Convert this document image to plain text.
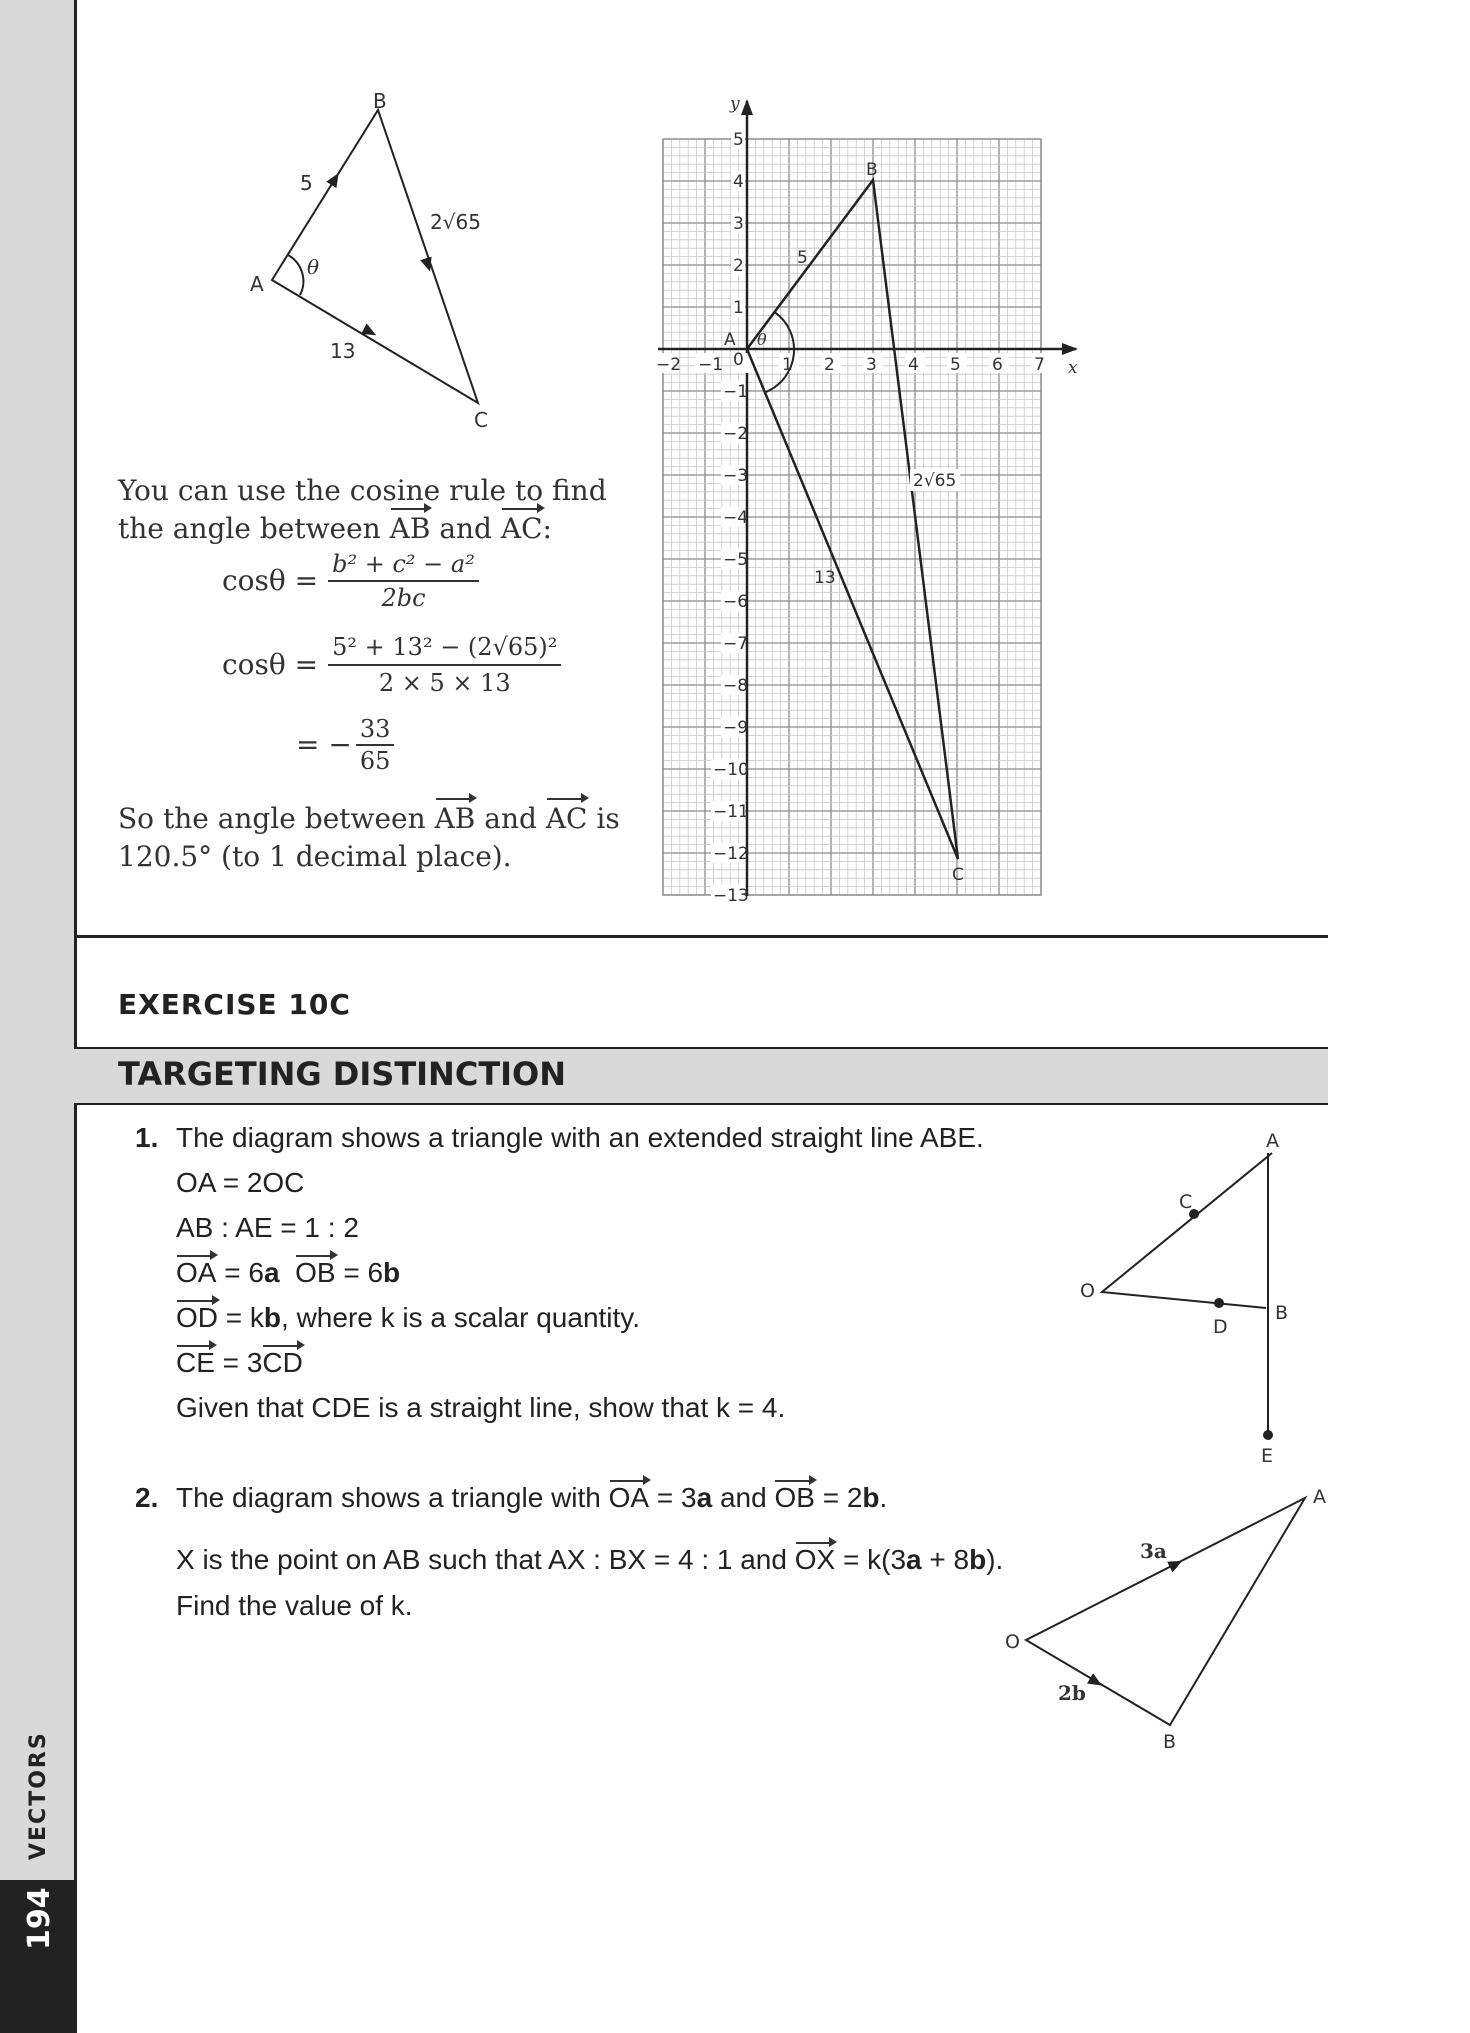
194
VECTORS
B
A
C
θ
5
13
2√65
You can use the cosine rule to find
the angle between AB and AC:
$\cos\theta = \frac{\text{b² + c² − a²}}{2bc}$
$\cos\theta = \frac{\text{5² + 13² − (2√65)²}}{2 \times 5 \times 13}$
= − $\frac{33}{65}$
So the angle between AB and AC is
120.5° (to 1 decimal place).
−2 −1 0 1 2 3 4 5 6 7
5
4
3
2
1
−1
−2
−3
−4
−5
−6
−7
−8
−9
−10
−11
−12
−13
A
B
C
θ
5
13
2√65
x
y
EXERCISE 10C
TARGETING DISTINCTION
1. The diagram shows a triangle with an extended straight line ABE.
OA = 2OC
AB : AE = 1 : 2
OA = 6a OB = 6b
OD = kb, where k is a scalar quantity.
CE = 3CD
Given that CDE is a straight line, show that k = 4.
A
C
O
D
B
E
2. The diagram shows a triangle with OA = 3a and OB = 2b.
X is the point on AB such that AX : BX = 4 : 1 and OX = k(3a + 8b).
Find the value of k.
A
B
O
3a
2b
